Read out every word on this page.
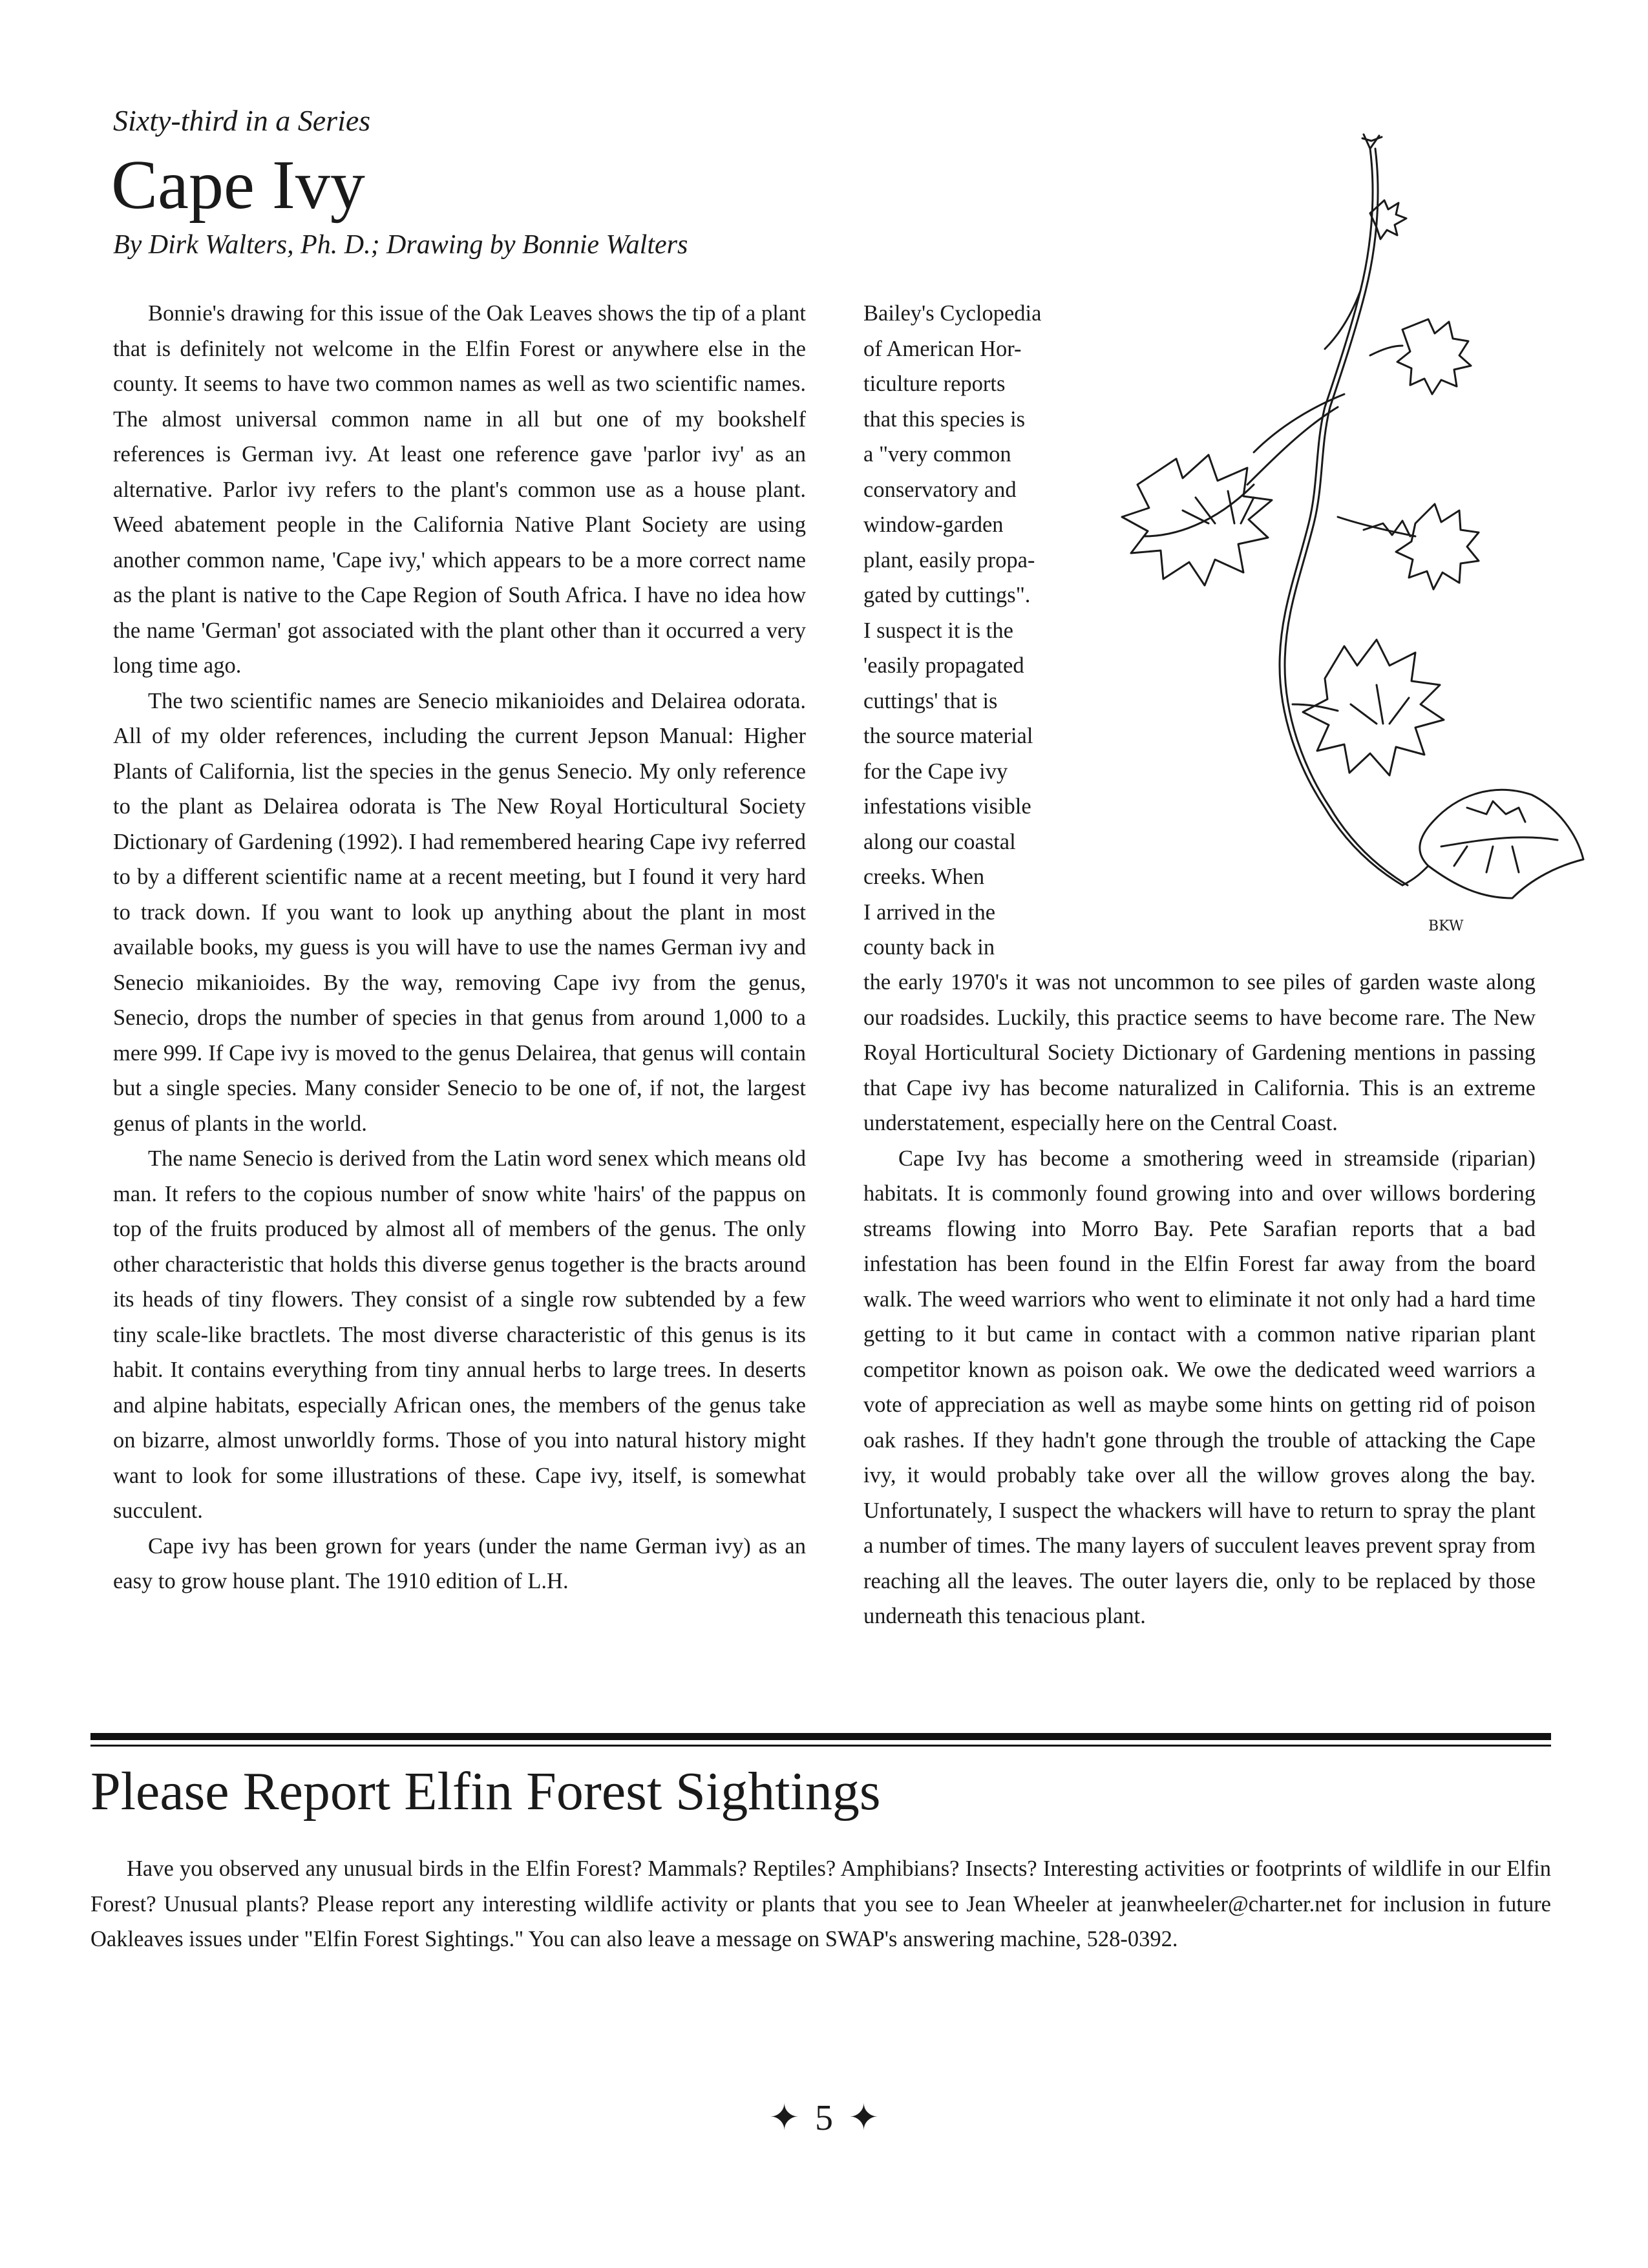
Sixty-third in a Series
Cape Ivy
By Dirk Walters, Ph. D.; Drawing by Bonnie Walters

Bonnie's drawing for this issue of the Oak Leaves shows the tip of a plant that is definitely not welcome in the Elfin Forest or anywhere else in the county. It seems to have two common names as well as two scientific names. The almost universal common name in all but one of my bookshelf references is German ivy. At least one reference gave 'parlor ivy' as an alternative. Parlor ivy refers to the plant's common use as a house plant. Weed abatement people in the California Native Plant Society are using another common name, 'Cape ivy,' which appears to be a more correct name as the plant is native to the Cape Region of South Africa. I have no idea how the name 'German' got associated with the plant other than it occurred a very long time ago.

The two scientific names are Senecio mikanioides and Delairea odorata. All of my older references, including the current Jepson Manual: Higher Plants of California, list the species in the genus Senecio. My only reference to the plant as Delairea odorata is The New Royal Horticultural Society Dictionary of Gardening (1992). I had remembered hearing Cape ivy referred to by a different scientific name at a recent meeting, but I found it very hard to track down. If you want to look up anything about the plant in most available books, my guess is you will have to use the names German ivy and Senecio mikanioides. By the way, removing Cape ivy from the genus, Senecio, drops the number of species in that genus from around 1,000 to a mere 999. If Cape ivy is moved to the genus Delairea, that genus will contain but a single species. Many consider Senecio to be one of, if not, the largest genus of plants in the world.

The name Senecio is derived from the Latin word senex which means old man. It refers to the copious number of snow white 'hairs' of the pappus on top of the fruits produced by almost all of members of the genus. The only other characteristic that holds this diverse genus together is the bracts around its heads of tiny flowers. They consist of a single row subtended by a few tiny scale-like bractlets. The most diverse characteristic of this genus is its habit. It contains everything from tiny annual herbs to large trees. In deserts and alpine habitats, especially African ones, the members of the genus take on bizarre, almost unworldly forms. Those of you into natural history might want to look for some illustrations of these. Cape ivy, itself, is somewhat succulent.

Cape ivy has been grown for years (under the name German ivy) as an easy to grow house plant. The 1910 edition of L.H.

Bailey's Cyclopedia

of American Hor-

ticulture reports

that this species is

a "very common

conservatory and

window-garden

plant, easily propa-

gated by cuttings".

I suspect it is the

'easily propagated

cuttings' that is

the source material

for the Cape ivy

infestations visible

along our coastal

creeks. When

I arrived in the

county back in

the early 1970's it was not uncommon to see piles of garden waste along our roadsides. Luckily, this practice seems to have become rare. The New Royal Horticultural Society Dictionary of Gardening mentions in passing that Cape ivy has become naturalized in California. This is an extreme understatement, especially here on the Central Coast.

Cape Ivy has become a smothering weed in streamside (riparian) habitats. It is commonly found growing into and over willows bordering streams flowing into Morro Bay. Pete Sarafian reports that a bad infestation has been found in the Elfin Forest far away from the board walk. The weed warriors who went to eliminate it not only had a hard time getting to it but came in contact with a common native riparian plant competitor known as poison oak. We owe the dedicated weed warriors a vote of appreciation as well as maybe some hints on getting rid of poison oak rashes. If they hadn't gone through the trouble of attacking the Cape ivy, it would probably take over all the willow groves along the bay. Unfortunately, I suspect the whackers will have to return to spray the plant a number of times. The many layers of succulent leaves prevent spray from reaching all the leaves. The outer layers die, only to be replaced by those underneath this tenacious plant.

BKW
Please Report Elfin Forest Sightings

Have you observed any unusual birds in the Elfin Forest? Mammals? Reptiles? Amphibians? Insects? Interesting activities or footprints of wildlife in our Elfin Forest? Unusual plants? Please report any interesting wildlife activity or plants that you see to Jean Wheeler at jeanwheeler@charter.net for inclusion in future Oakleaves issues under "Elfin Forest Sightings." You can also leave a message on SWAP's answering machine, 528-0392.

✦ 5 ✦
